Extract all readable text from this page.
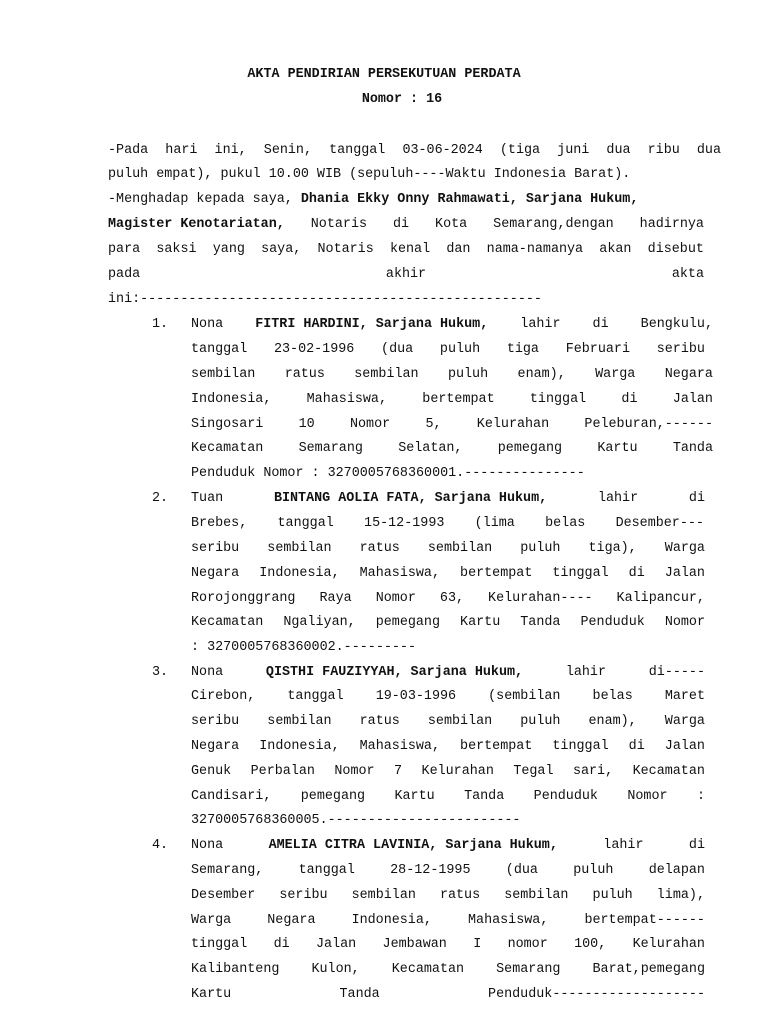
AKTA PENDIRIAN PERSEKUTUAN PERDATA
Nomor : 16
-Pada hari ini, Senin, tanggal 03-06-2024 (tiga juni dua ribu dua
puluh empat), pukul 10.00 WIB (sepuluh----Waktu Indonesia Barat).
-Menghadap kepada saya, Dhania Ekky Onny Rahmawati, Sarjana Hukum,
Magister Kenotariatan, Notaris di Kota Semarang,dengan hadirnya
para saksi yang saya, Notaris kenal dan nama-namanya akan disebut
pada	akhir	akta
ini:--------------------------------------------------
1. Nona FITRI HARDINI, Sarjana Hukum, lahir di Bengkulu,
tanggal 23-02-1996 (dua puluh tiga Februari seribu
sembilan ratus sembilan puluh enam), Warga Negara
Indonesia,	Mahasiswa,	bertempat	tinggal	di	Jalan
Singosari	10	Nomor	5,	Kelurahan	Peleburan,------
Kecamatan	Semarang	Selatan,	pemegang	Kartu	Tanda
Penduduk Nomor : 3270005768360001.---------------
2. Tuan	BINTANG AOLIA FATA, Sarjana Hukum,	lahir	di
Brebes, tanggal 15-12-1993 (lima belas Desember---
seribu sembilan ratus sembilan puluh tiga), Warga
Negara Indonesia, Mahasiswa, bertempat tinggal di Jalan
Rorojonggrang Raya Nomor 63, Kelurahan---- Kalipancur,
Kecamatan Ngaliyan, pemegang Kartu Tanda Penduduk Nomor
: 3270005768360002.---------
3. Nona	QISTHI FAUZIYYAH, Sarjana Hukum,	lahir	di-----
Cirebon, tanggal 19-03-1996 (sembilan belas Maret
seribu sembilan ratus sembilan puluh enam), Warga
Negara Indonesia, Mahasiswa, bertempat tinggal di Jalan
Genuk Perbalan Nomor 7 Kelurahan Tegal sari, Kecamatan
Candisari, pemegang Kartu Tanda Penduduk Nomor :
3270005768360005.------------------------
4. Nona	AMELIA CITRA LAVINIA, Sarjana Hukum,	lahir	di
Semarang,	tanggal	28-12-1995	(dua	puluh	delapan
Desember seribu sembilan ratus sembilan puluh lima),
Warga	Negara	Indonesia,	Mahasiswa,	bertempat------
tinggal di Jalan Jembawan I nomor 100, Kelurahan
Kalibanteng Kulon, Kecamatan Semarang Barat,pemegang
Kartu	Tanda	Penduduk-------------------
